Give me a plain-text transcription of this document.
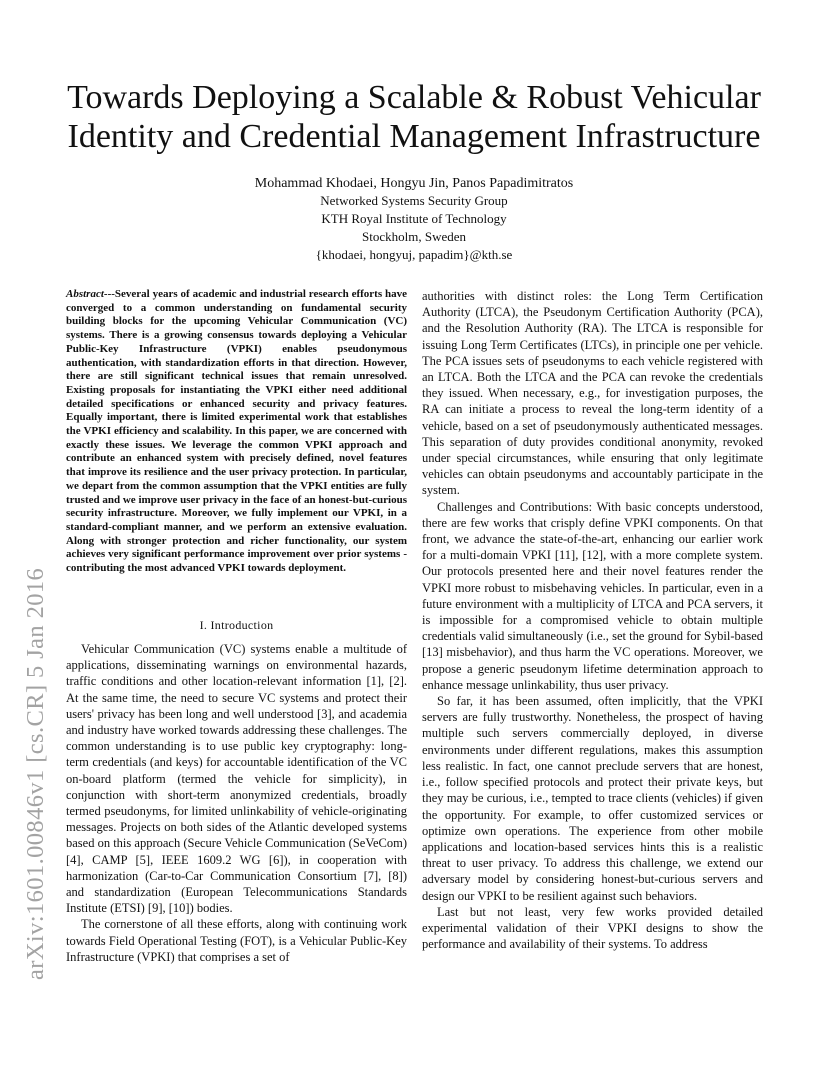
arXiv:1601.00846v1 [cs.CR] 5 Jan 2016
Towards Deploying a Scalable & Robust Vehicular Identity and Credential Management Infrastructure
Mohammad Khodaei, Hongyu Jin, Panos Papadimitratos
Networked Systems Security Group
KTH Royal Institute of Technology
Stockholm, Sweden
{khodaei, hongyuj, papadim}@kth.se
Abstract---Several years of academic and industrial research efforts have converged to a common understanding on fundamental security building blocks for the upcoming Vehicular Communication (VC) systems. There is a growing consensus towards deploying a Vehicular Public-Key Infrastructure (VPKI) enables pseudonymous authentication, with standardization efforts in that direction. However, there are still significant technical issues that remain unresolved. Existing proposals for instantiating the VPKI either need additional detailed specifications or enhanced security and privacy features. Equally important, there is limited experimental work that establishes the VPKI efficiency and scalability. In this paper, we are concerned with exactly these issues. We leverage the common VPKI approach and contribute an enhanced system with precisely defined, novel features that improve its resilience and the user privacy protection. In particular, we depart from the common assumption that the VPKI entities are fully trusted and we improve user privacy in the face of an honest-but-curious security infrastructure. Moreover, we fully implement our VPKI, in a standard-compliant manner, and we perform an extensive evaluation. Along with stronger protection and richer functionality, our system achieves very significant performance improvement over prior systems - contributing the most advanced VPKI towards deployment.
I. Introduction

Vehicular Communication (VC) systems enable a multitude of applications, disseminating warnings on environmental hazards, traffic conditions and other location-relevant information [1], [2]. At the same time, the need to secure VC systems and protect their users' privacy has been long and well understood [3], and academia and industry have worked towards addressing these challenges. The common understanding is to use public key cryptography: long-term credentials (and keys) for accountable identification of the VC on-board platform (termed the vehicle for simplicity), in conjunction with short-term anonymized credentials, broadly termed pseudonyms, for limited unlinkability of vehicle-originating messages. Projects on both sides of the Atlantic developed systems based on this approach (Secure Vehicle Communication (SeVeCom) [4], CAMP [5], IEEE 1609.2 WG [6]), in cooperation with harmonization (Car-to-Car Communication Consortium [7], [8]) and standardization (European Telecommunications Standards Institute (ETSI) [9], [10]) bodies.

The cornerstone of all these efforts, along with continuing work towards Field Operational Testing (FOT), is a Vehicular Public-Key Infrastructure (VPKI) that comprises a set of

authorities with distinct roles: the Long Term Certification Authority (LTCA), the Pseudonym Certification Authority (PCA), and the Resolution Authority (RA). The LTCA is responsible for issuing Long Term Certificates (LTCs), in principle one per vehicle. The PCA issues sets of pseudonyms to each vehicle registered with an LTCA. Both the LTCA and the PCA can revoke the credentials they issued. When necessary, e.g., for investigation purposes, the RA can initiate a process to reveal the long-term identity of a vehicle, based on a set of pseudonymously authenticated messages. This separation of duty provides conditional anonymity, revoked under special circumstances, while ensuring that only legitimate vehicles can obtain pseudonyms and accountably participate in the system.

Challenges and Contributions: With basic concepts understood, there are few works that crisply define VPKI components. On that front, we advance the state-of-the-art, enhancing our earlier work for a multi-domain VPKI [11], [12], with a more complete system. Our protocols presented here and their novel features render the VPKI more robust to misbehaving vehicles. In particular, even in a future environment with a multiplicity of LTCA and PCA servers, it is impossible for a compromised vehicle to obtain multiple credentials valid simultaneously (i.e., set the ground for Sybil-based [13] misbehavior), and thus harm the VC operations. Moreover, we propose a generic pseudonym lifetime determination approach to enhance message unlinkability, thus user privacy.

So far, it has been assumed, often implicitly, that the VPKI servers are fully trustworthy. Nonetheless, the prospect of having multiple such servers commercially deployed, in diverse environments under different regulations, makes this assumption less realistic. In fact, one cannot preclude servers that are honest, i.e., follow specified protocols and protect their private keys, but they may be curious, i.e., tempted to trace clients (vehicles) if given the opportunity. For example, to offer customized services or optimize own operations. The experience from other mobile applications and location-based services hints this is a realistic threat to user privacy. To address this challenge, we extend our adversary model by considering honest-but-curious servers and design our VPKI to be resilient against such behaviors.

Last but not least, very few works provided detailed experimental validation of their VPKI designs to show the performance and availability of their systems. To address
